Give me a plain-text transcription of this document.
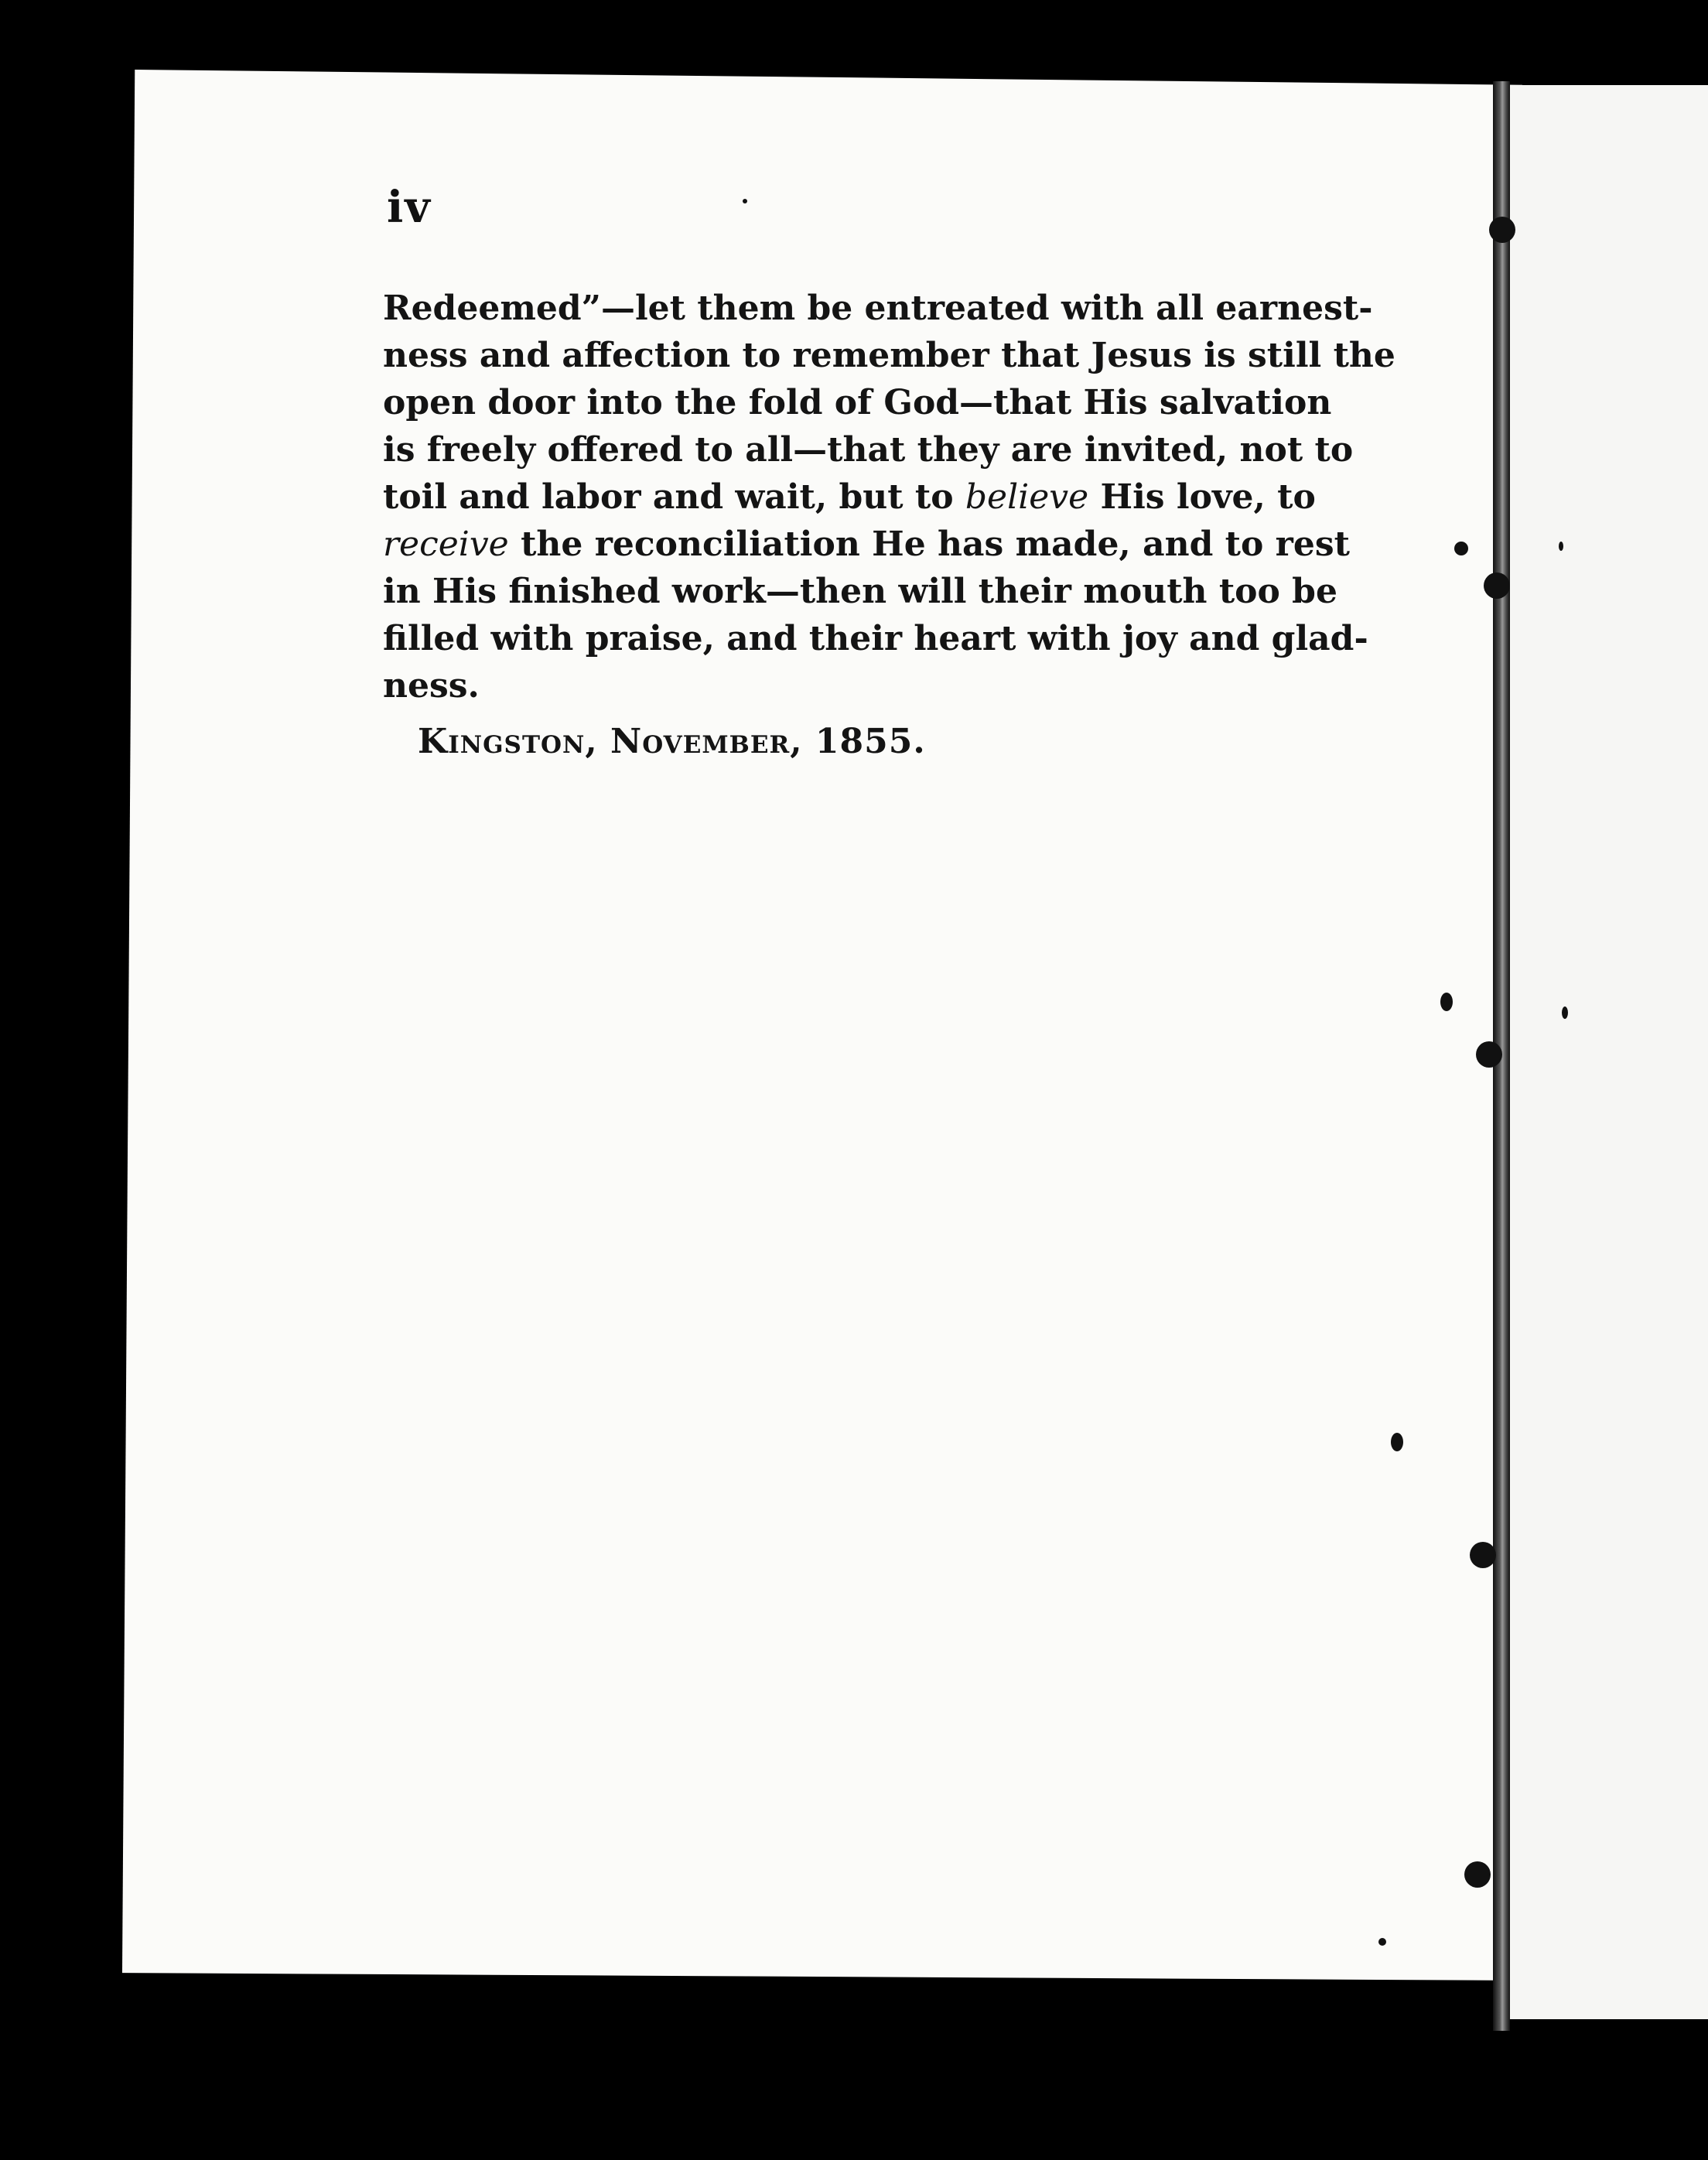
iv

Redeemed”—let them be entreated with all earnest-
ness and affection to remember that Jesus is still the
open door into the fold of God—that His salvation
is freely offered to all—that they are invited, not to
toil and labor and wait, but to believe His love, to
receive the reconciliation He has made, and to rest
in His finished work—then will their mouth too be
filled with praise, and their heart with joy and glad-
ness.

Kingston, November, 1855.
